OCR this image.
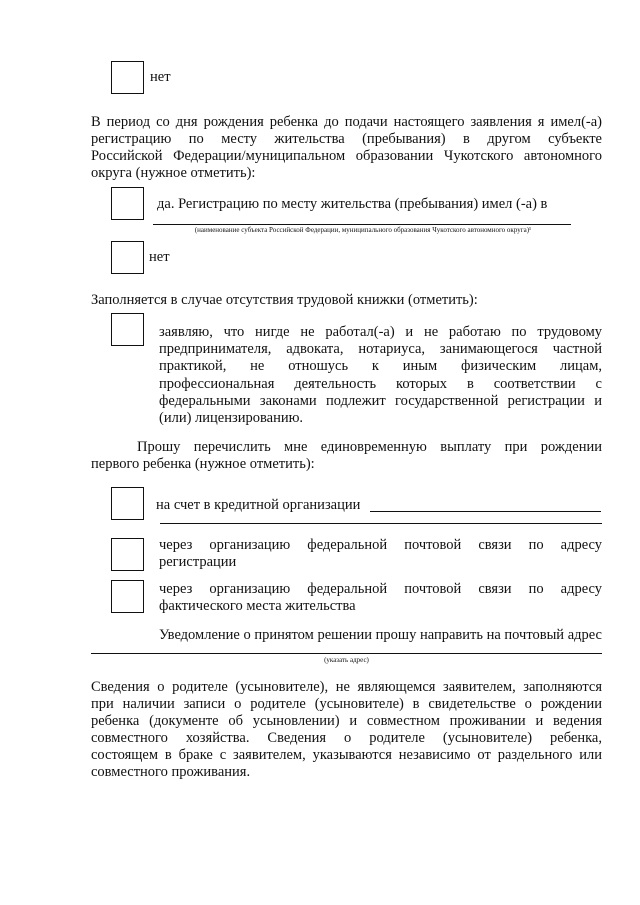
нет
В период со дня рождения ребенка до подачи настоящего заявления я имел(-а)
регистрацию по месту жительства (пребывания) в другом субъекте
Российской Федерации/муниципальном образовании Чукотского автономного
округа (нужное отметить):
да. Регистрацию по месту жительства (пребывания) имел (-а) в
(наименование субъекта Российской Федерации, муниципального образования Чукотского автономного округа)¹
нет
Заполняется в случае отсутствия трудовой книжки (отметить):
заявляю, что нигде не работал(-а) и не работаю по трудовому
предпринимателя, адвоката, нотариуса, занимающегося частной
практикой, не отношусь к иным физическим лицам,
профессиональная деятельность которых в соответствии с
федеральными законами подлежит государственной регистрации и
(или) лицензированию.
Прошу перечислить мне единовременную выплату при рождении
первого ребенка (нужное отметить):
на счет в кредитной организации
через организацию федеральной почтовой связи по адресу
регистрации
через организацию федеральной почтовой связи по адресу
фактического места жительства
Уведомление о принятом решении прошу направить на почтовый адрес
(указать адрес)
Сведения о родителе (усыновителе), не являющемся заявителем, заполняются
при наличии записи о родителе (усыновителе) в свидетельстве о рождении
ребенка (документе об усыновлении) и совместном проживании и ведения
совместного хозяйства. Сведения о родителе (усыновителе) ребенка,
состоящем в браке с заявителем, указываются независимо от раздельного или
совместного проживания.
